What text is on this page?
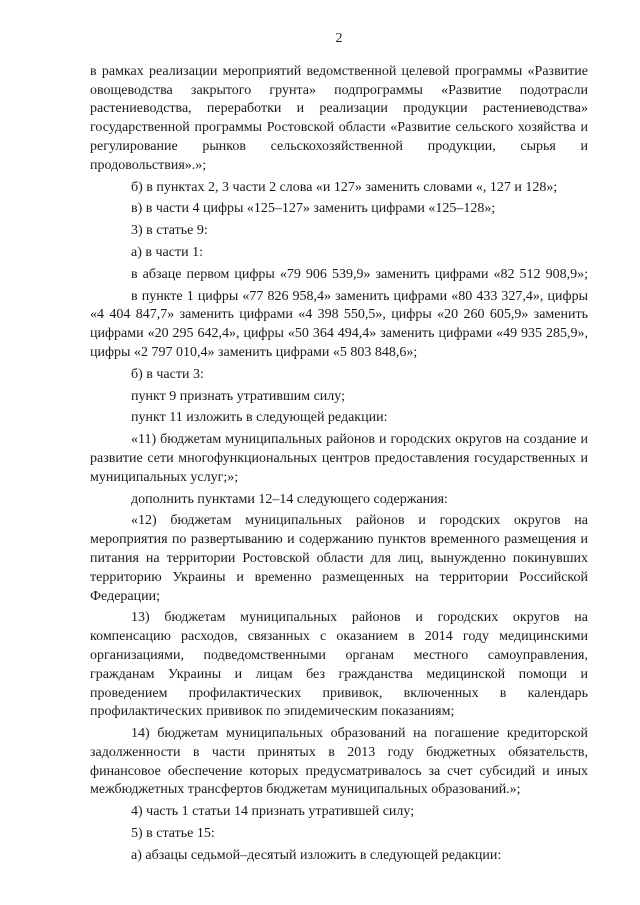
2

в рамках реализации мероприятий ведомственной целевой программы «Развитие овощеводства закрытого грунта» подпрограммы «Развитие подотрасли растениеводства, переработки и реализации продукции растениеводства» государственной программы Ростовской области «Развитие сельского хозяйства и регулирование рынков сельскохозяйственной продукции, сырья и продовольствия».»;

б) в пунктах 2, 3 части 2 слова «и 127» заменить словами «, 127 и 128»;

в) в части 4 цифры «125–127» заменить цифрами «125–128»;

3) в статье 9:

а) в части 1:

в абзаце первом цифры «79 906 539,9» заменить цифрами «82 512 908,9»;

в пункте 1 цифры «77 826 958,4» заменить цифрами «80 433 327,4», цифры «4 404 847,7» заменить цифрами «4 398 550,5», цифры «20 260 605,9» заменить цифрами «20 295 642,4», цифры «50 364 494,4» заменить цифрами «49 935 285,9», цифры «2 797 010,4» заменить цифрами «5 803 848,6»;

б) в части 3:

пункт 9 признать утратившим силу;

пункт 11 изложить в следующей редакции:

«11) бюджетам муниципальных районов и городских округов на создание и развитие сети многофункциональных центров предоставления государственных и муниципальных услуг;»;

дополнить пунктами 12–14 следующего содержания:

«12) бюджетам муниципальных районов и городских округов на мероприятия по развертыванию и содержанию пунктов временного размещения и питания на территории Ростовской области для лиц, вынужденно покинувших территорию Украины и временно размещенных на территории Российской Федерации;

13) бюджетам муниципальных районов и городских округов на компенсацию расходов, связанных с оказанием в 2014 году медицинскими организациями, подведомственными органам местного самоуправления, гражданам Украины и лицам без гражданства медицинской помощи и проведением профилактических прививок, включенных в календарь профилактических прививок по эпидемическим показаниям;

14) бюджетам муниципальных образований на погашение кредиторской задолженности в части принятых в 2013 году бюджетных обязательств, финансовое обеспечение которых предусматривалось за счет субсидий и иных межбюджетных трансфертов бюджетам муниципальных образований.»;

4) часть 1 статьи 14 признать утратившей силу;

5) в статье 15:

а) абзацы седьмой–десятый изложить в следующей редакции:
